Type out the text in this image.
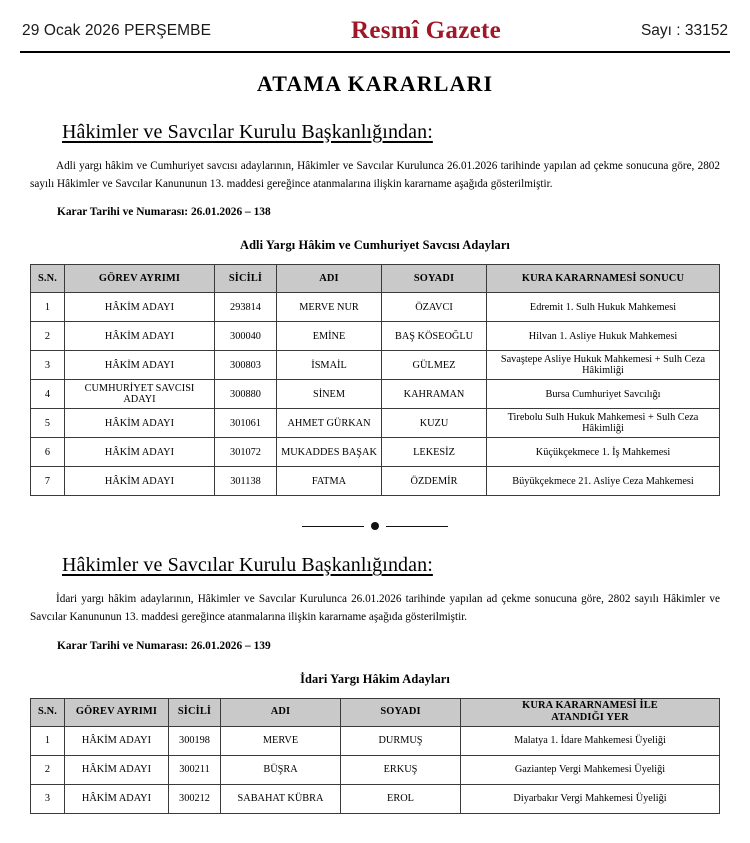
29 Ocak 2026 PERŞEMBE	Resmî Gazete	Sayı : 33152
ATAMA KARARLARI
Hâkimler ve Savcılar Kurulu Başkanlığından:
Adli yargı hâkim ve Cumhuriyet savcısı adaylarının, Hâkimler ve Savcılar Kurulunca 26.01.2026 tarihinde yapılan ad çekme sonucuna göre, 2802 sayılı Hâkimler ve Savcılar Kanununun 13. maddesi gereğince atanmalarına ilişkin kararname aşağıda gösterilmiştir.
Karar Tarihi ve Numarası: 26.01.2026 – 138
Adli Yargı Hâkim ve Cumhuriyet Savcısı Adayları
S.N.	GÖREV AYRIMI	SİCİLİ	ADI	SOYADI	KURA KARARNAMESİ SONUCU
1	HÂKİM ADAYI	293814	MERVE NUR	ÖZAVCI	Edremit 1. Sulh Hukuk Mahkemesi
2	HÂKİM ADAYI	300040	EMİNE	BAŞ KÖSEOĞLU	Hilvan 1. Asliye Hukuk Mahkemesi
3	HÂKİM ADAYI	300803	İSMAİL	GÜLMEZ	Savaştepe Asliye Hukuk Mahkemesi + Sulh Ceza Hâkimliği
4	CUMHURİYET SAVCISI ADAYI	300880	SİNEM	KAHRAMAN	Bursa Cumhuriyet Savcılığı
5	HÂKİM ADAYI	301061	AHMET GÜRKAN	KUZU	Tirebolu Sulh Hukuk Mahkemesi + Sulh Ceza Hâkimliği
6	HÂKİM ADAYI	301072	MUKADDES BAŞAK	LEKESİZ	Küçükçekmece 1. İş Mahkemesi
7	HÂKİM ADAYI	301138	FATMA	ÖZDEMİR	Büyükçekmece 21. Asliye Ceza Mahkemesi
Hâkimler ve Savcılar Kurulu Başkanlığından:
İdari yargı hâkim adaylarının, Hâkimler ve Savcılar Kurulunca 26.01.2026 tarihinde yapılan ad çekme sonucuna göre, 2802 sayılı Hâkimler ve Savcılar Kanununun 13. maddesi gereğince atanmalarına ilişkin kararname aşağıda gösterilmiştir.
Karar Tarihi ve Numarası: 26.01.2026 – 139
İdari Yargı Hâkim Adayları
S.N.	GÖREV AYRIMI	SİCİLİ	ADI	SOYADI	KURA KARARNAMESİ İLE
ATANDIĞI YER
1	HÂKİM ADAYI	300198	MERVE	DURMUŞ	Malatya 1. İdare Mahkemesi Üyeliği
2	HÂKİM ADAYI	300211	BÜŞRA	ERKUŞ	Gaziantep Vergi Mahkemesi Üyeliği
3	HÂKİM ADAYI	300212	SABAHAT KÜBRA	EROL	Diyarbakır Vergi Mahkemesi Üyeliği
